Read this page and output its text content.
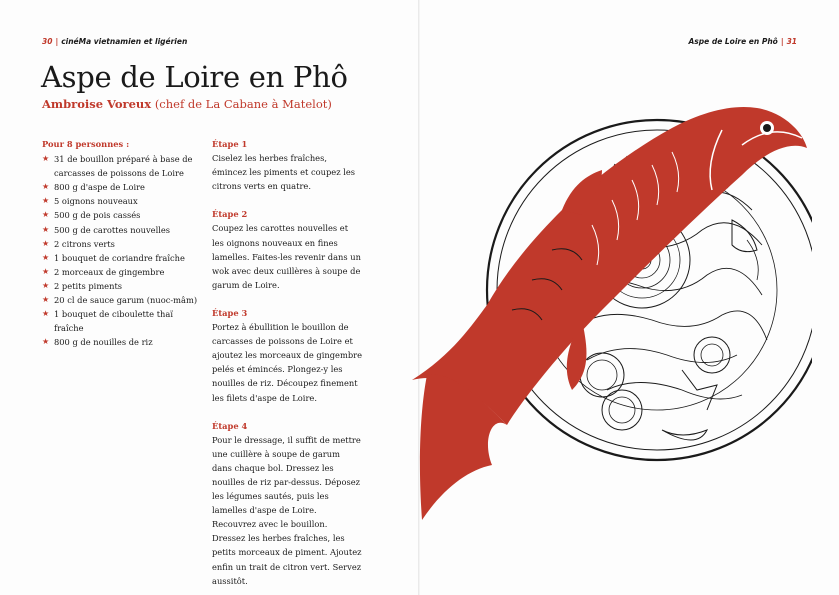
30 | cinéMa vietnamien et ligérien
Aspe de Loire en Phô
Ambroise Voreux (chef de La Cabane à Matelot)
Pour 8 personnes :
★ 31 de bouillon préparé à base de carcasses de poissons de Loire
★ 800 g d'aspe de Loire
★ 5 oignons nouveaux
★ 500 g de pois cassés
★ 500 g de carottes nouvelles
★ 2 citrons verts
★ 1 bouquet de coriandre fraîche
★ 2 morceaux de gingembre
★ 2 petits piments
★ 20 cl de sauce garum (nuoc-mâm)
★ 1 bouquet de ciboulette thaï fraîche
★ 800 g de nouilles de riz
Étape 1
Ciselez les herbes fraîches, émincez les piments et coupez les citrons verts en quatre.
Étape 2
Coupez les carottes nouvelles et les oignons nouveaux en fines lamelles. Faites-les revenir dans un wok avec deux cuillères à soupe de garum de Loire.
Étape 3
Portez à ébullition le bouillon de carcasses de poissons de Loire et ajoutez les morceaux de gingembre pelés et émincés. Plongez-y les nouilles de riz. Découpez finement les filets d'aspe de Loire.
Étape 4
Pour le dressage, il suffit de mettre une cuillère à soupe de garum dans chaque bol. Dressez les nouilles de riz par-dessus. Déposez les légumes sautés, puis les lamelles d'aspe de Loire. Recouvrez avec le bouillon. Dressez les herbes fraîches, les petits morceaux de piment. Ajoutez enfin un trait de citron vert. Servez aussitôt.
Aspe de Loire en Phô | 31
